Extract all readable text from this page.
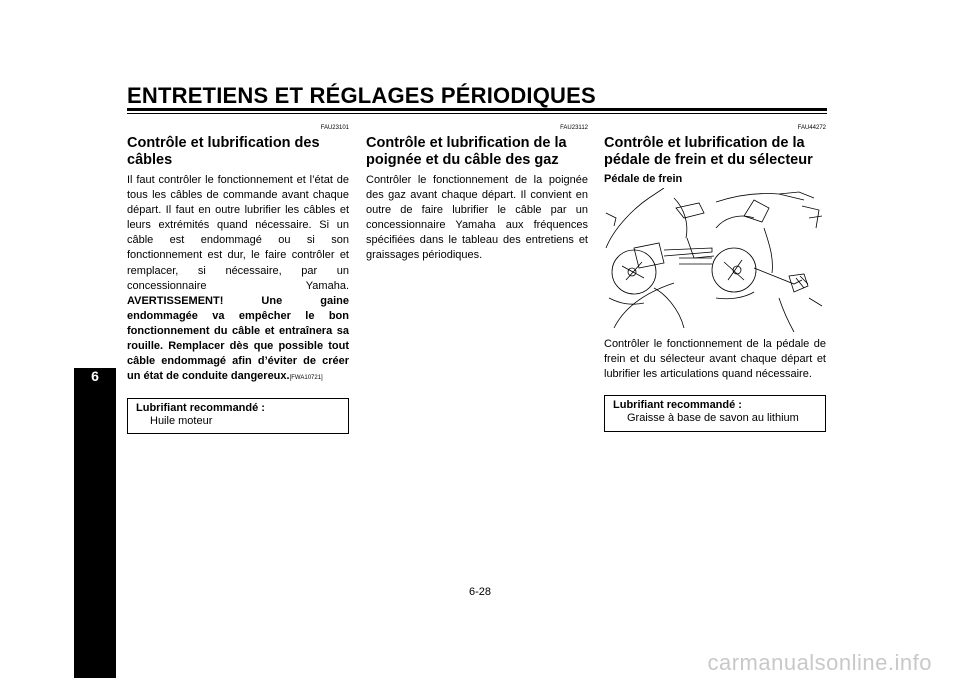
ENTRETIENS ET RÉGLAGES PÉRIODIQUES
6
FAU23101
Contrôle et lubrification des câbles

Il faut contrôler le fonctionnement et l’état de tous les câbles de commande avant chaque départ. Il faut en outre lubrifier les câbles et leurs extrémités quand nécessaire. Si un câble est endommagé ou si son fonctionnement est dur, le faire contrôler et remplacer, si nécessaire, par un concessionnaire Yamaha. AVERTISSEMENT! Une gaine endommagée va empêcher le bon fonctionnement du câble et entraînera sa rouille. Remplacer dès que possible tout câble endommagé afin d’éviter de créer un état de conduite dangereux.[FWA10721]

Lubrifiant recommandé :
Huile moteur
FAU23112
Contrôle et lubrification de la poignée et du câble des gaz

Contrôler le fonctionnement de la poignée des gaz avant chaque départ. Il convient en outre de faire lubrifier le câble par un concessionnaire Yamaha aux fréquences spécifiées dans le tableau des entretiens et graissages périodiques.

FAU44272
Contrôle et lubrification de la pédale de frein et du sélecteur
Pédale de frein

Contrôler le fonctionnement de la pédale de frein et du sélecteur avant chaque départ et lubrifier les articulations quand nécessaire.

Lubrifiant recommandé :
Graisse à base de savon au lithium
6-28
carmanualsonline.info
